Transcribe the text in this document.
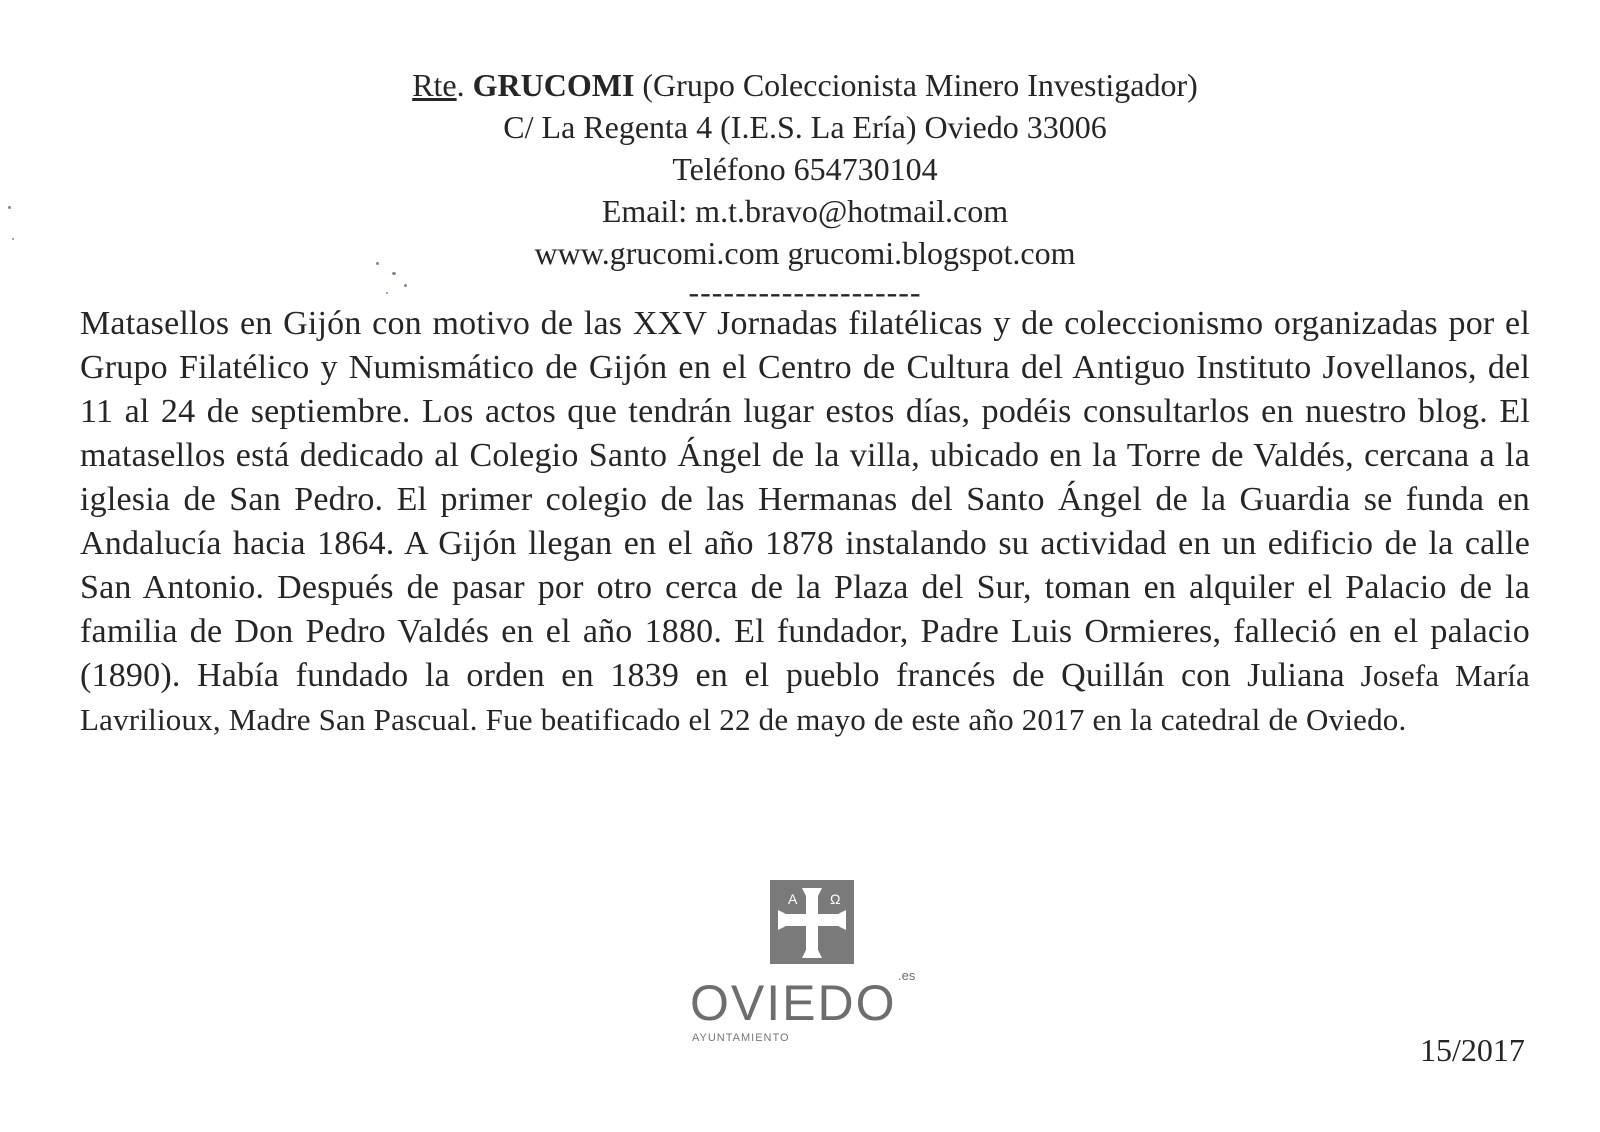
Rte. GRUCOMI (Grupo Coleccionista Minero Investigador)
C/ La Regenta 4 (I.E.S. La Ería) Oviedo 33006
Teléfono 654730104
Email: m.t.bravo@hotmail.com
www.grucomi.com grucomi.blogspot.com
--------------------
Matasellos en Gijón con motivo de las XXV Jornadas filatélicas y de coleccionismo organizadas por el Grupo Filatélico y Numismático de Gijón en el Centro de Cultura del Antiguo Instituto Jovellanos, del 11 al 24 de septiembre. Los actos que tendrán lugar estos días, podéis consultarlos en nuestro blog. El matasellos está dedicado al Colegio Santo Ángel de la villa, ubicado en la Torre de Valdés, cercana a la iglesia de San Pedro. El primer colegio de las Hermanas del Santo Ángel de la Guardia se funda en Andalucía hacia 1864. A Gijón llegan en el año 1878 instalando su actividad en un edificio de la calle San Antonio. Después de pasar por otro cerca de la Plaza del Sur, toman en alquiler el Palacio de la familia de Don Pedro Valdés en el año 1880. El fundador, Padre Luis Ormieres, falleció en el palacio (1890). Había fundado la orden en 1839 en el pueblo francés de Quillán con Juliana Josefa María Lavrilioux, Madre San Pascual. Fue beatificado el 22 de mayo de este año 2017 en la catedral de Oviedo.
Ω
A
OVIEDO .es
AYUNTAMIENTO	15/2017
